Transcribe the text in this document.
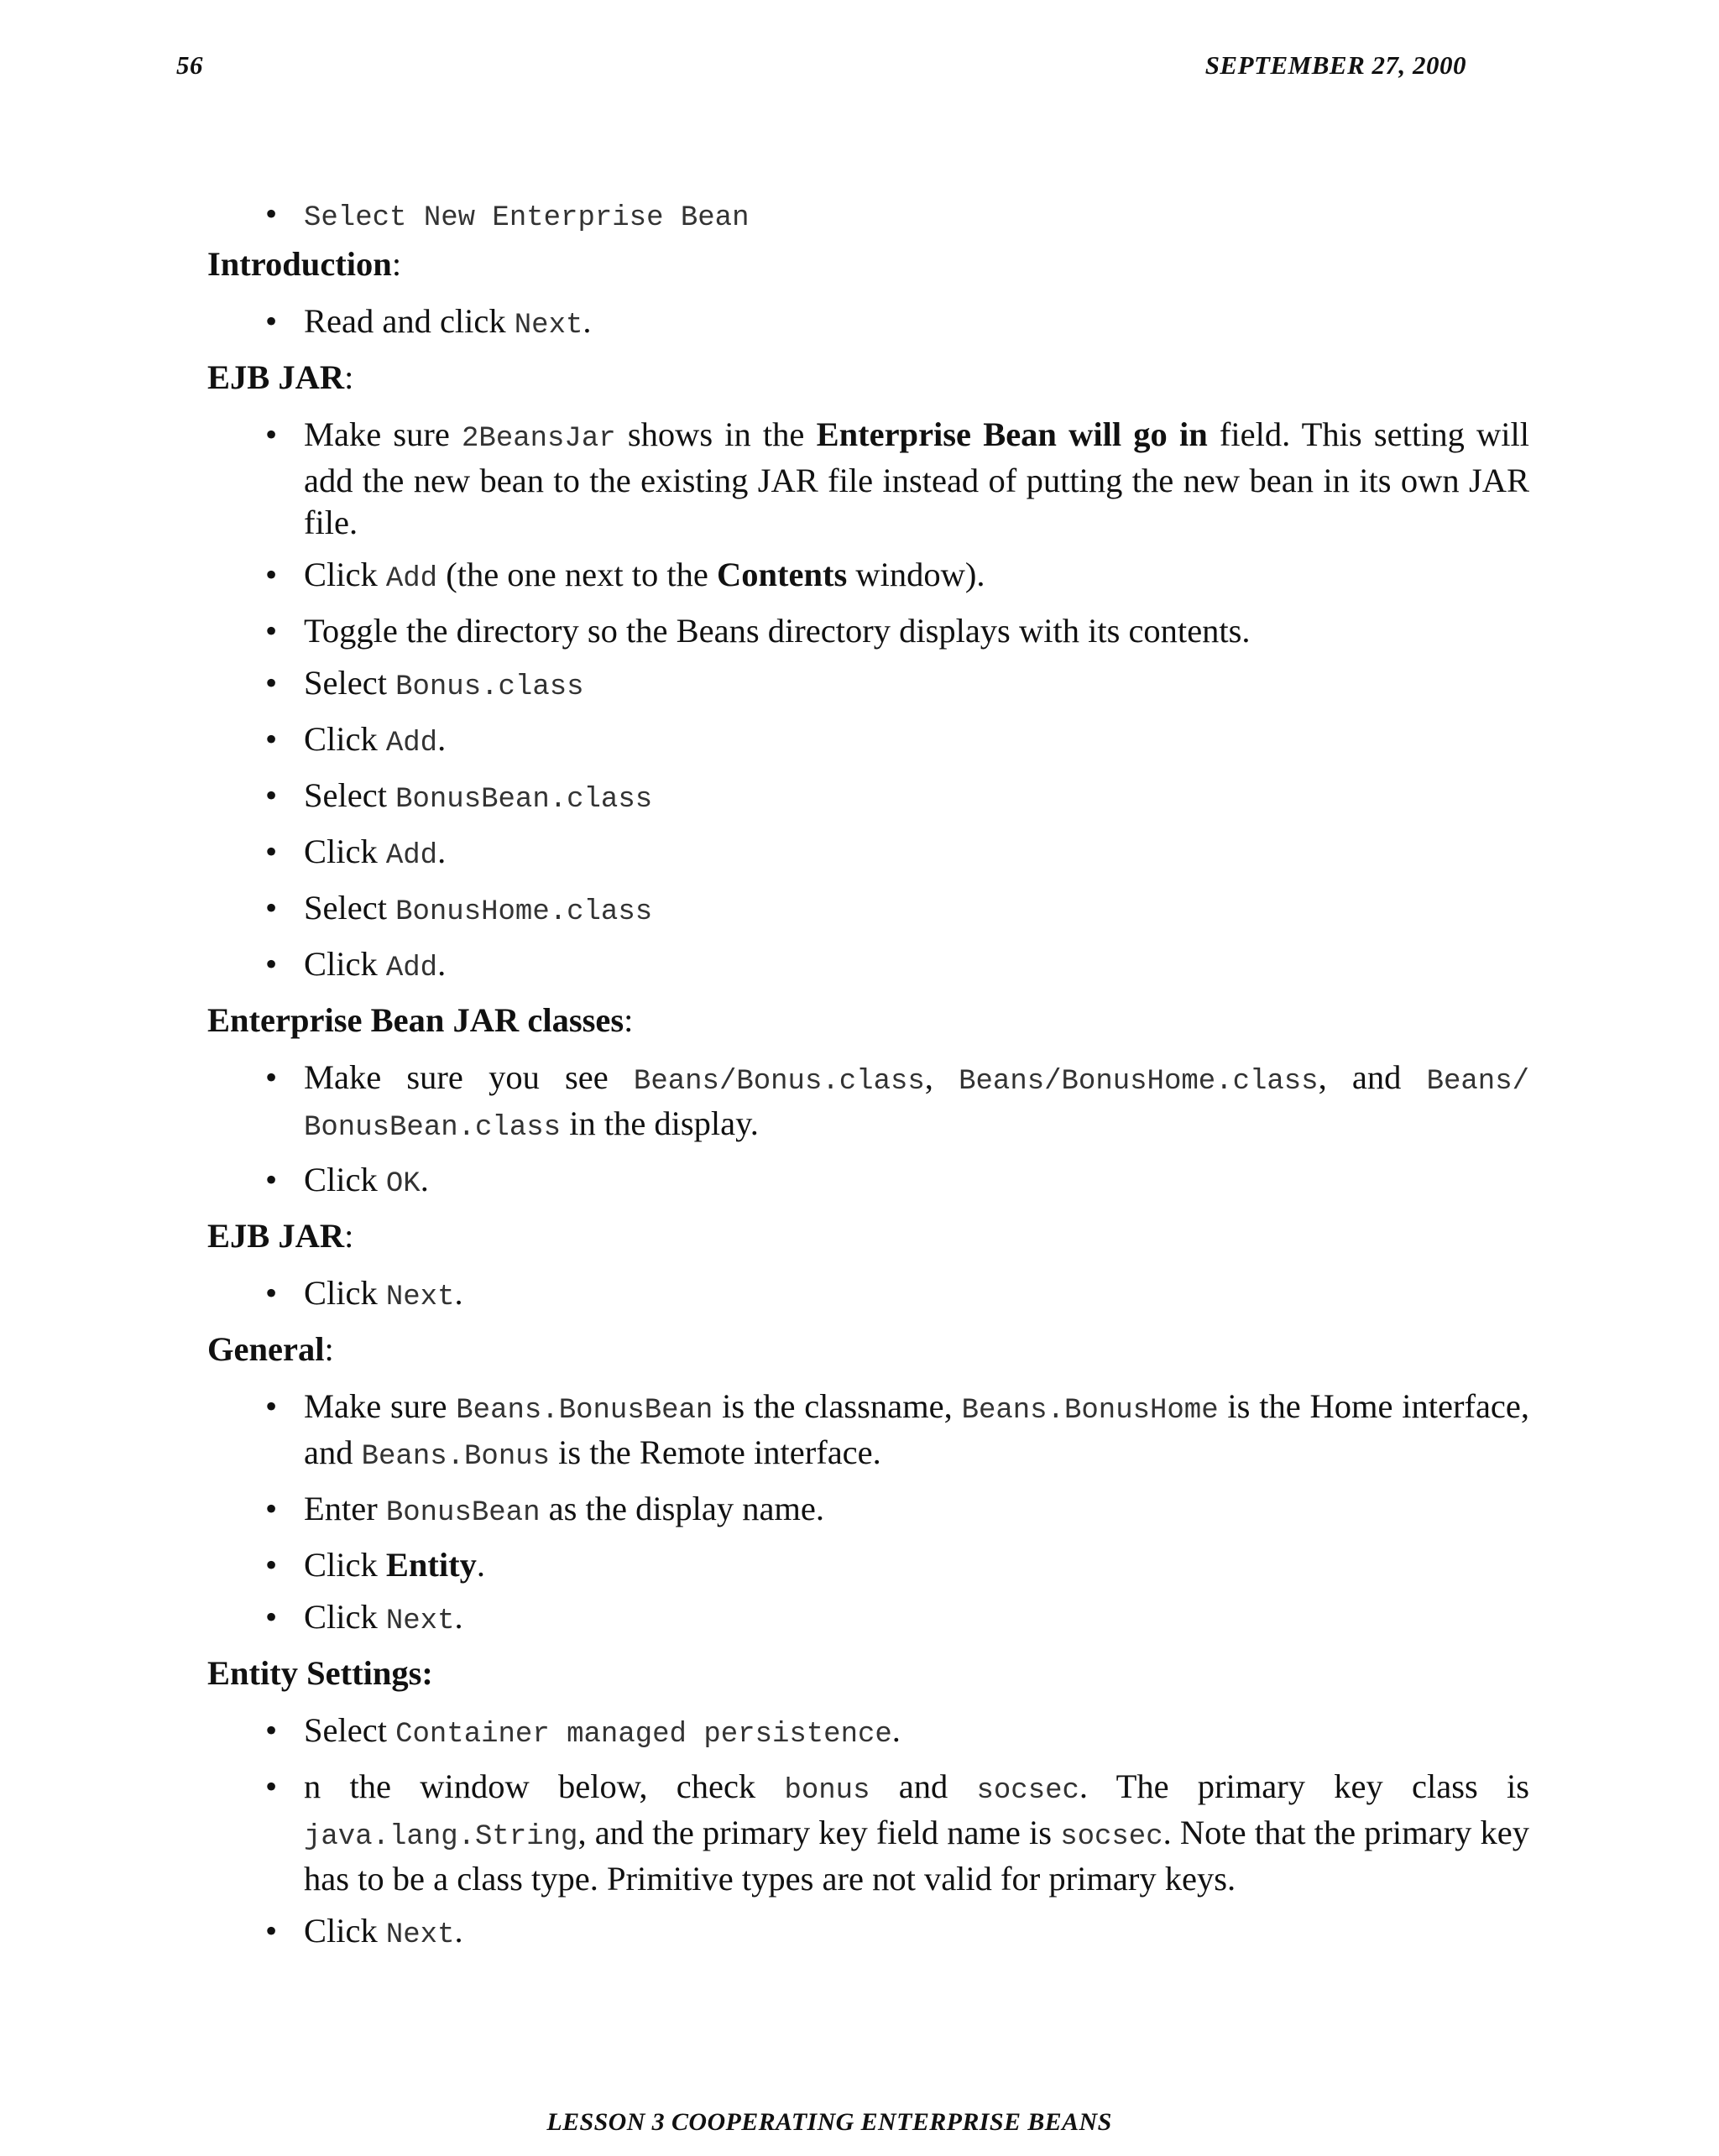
56	SEPTEMBER 27, 2000
• Select New Enterprise Bean

Introduction:

• Read and click Next.

EJB JAR:

• Make sure 2BeansJar shows in the Enterprise Bean will go in field. This setting will add the new bean to the existing JAR file instead of putting the new bean in its own JAR file.
• Click Add (the one next to the Contents window).
• Toggle the directory so the Beans directory displays with its contents.
• Select Bonus.class
• Click Add.
• Select BonusBean.class
• Click Add.
• Select BonusHome.class
• Click Add.

Enterprise Bean JAR classes:

• Make sure you see Beans/Bonus.class, Beans/BonusHome.class, and Beans/ BonusBean.class in the display.
• Click OK.

EJB JAR:

• Click Next.

General:

• Make sure Beans.BonusBean is the classname, Beans.BonusHome is the Home interface, and Beans.Bonus is the Remote interface.
• Enter BonusBean as the display name.
• Click Entity.
• Click Next.

Entity Settings:

• Select Container managed persistence.
• n the window below, check bonus and socsec. The primary key class is java.lang.String, and the primary key field name is socsec. Note that the primary key has to be a class type. Primitive types are not valid for primary keys.
• Click Next.
LESSON 3 COOPERATING ENTERPRISE BEANS
